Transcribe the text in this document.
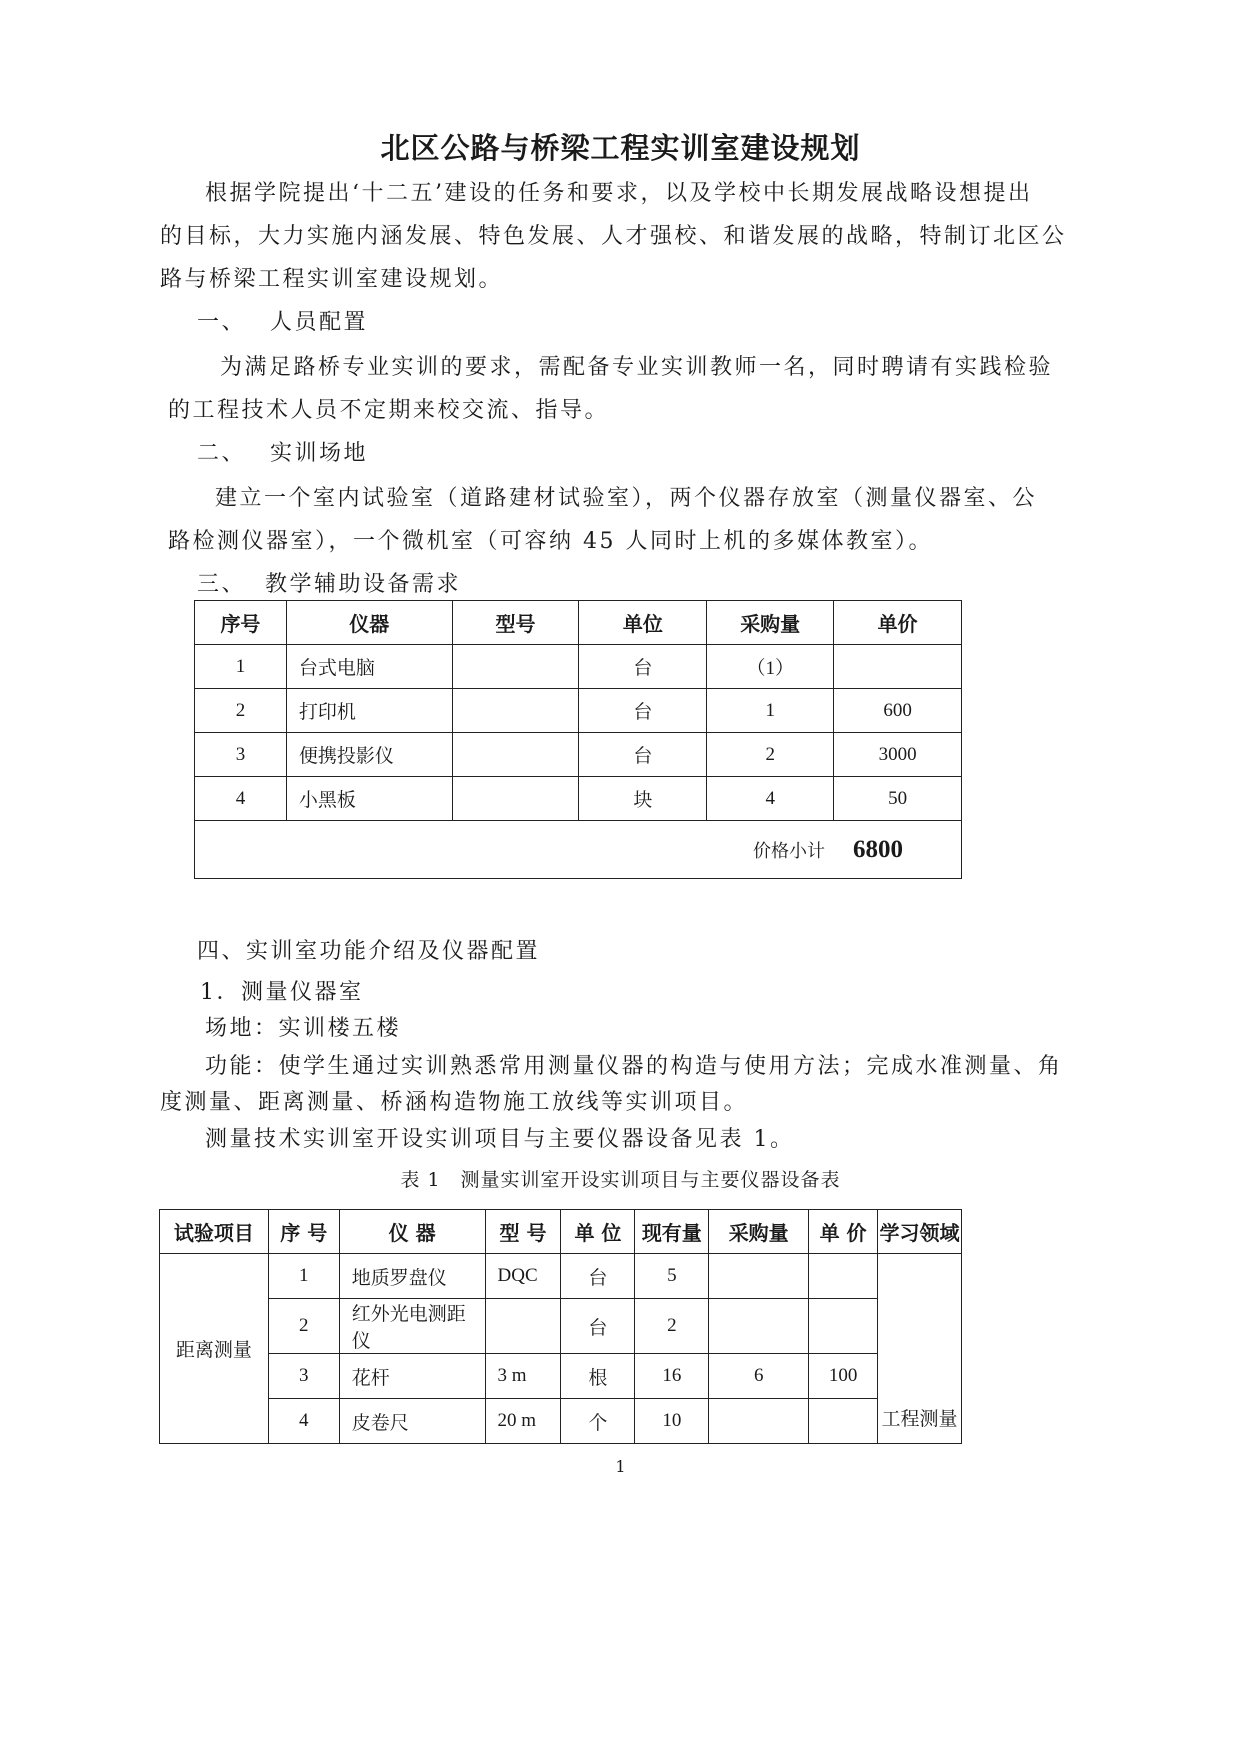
北区公路与桥梁工程实训室建设规划
根据学院提出‘十二五’建设的任务和要求，以及学校中长期发展战略设想提出
的目标，大力实施内涵发展、特色发展、人才强校、和谐发展的战略，特制订北区公
路与桥梁工程实训室建设规划。
一、 人员配置
为满足路桥专业实训的要求，需配备专业实训教师一名，同时聘请有实践检验
的工程技术人员不定期来校交流、指导。
二、 实训场地
建立一个室内试验室（道路建材试验室），两个仪器存放室（测量仪器室、公
路检测仪器室），一个微机室（可容纳 45 人同时上机的多媒体教室）。
三、 教学辅助设备需求
序号	仪器	型号	单位	采购量	单价
1	台式电脑		台	（1）	
2	打印机		台	1	600
3	便携投影仪		台	2	3000
4	小黑板		块	4	50
价格小计 6800					
四、实训室功能介绍及仪器配置
1．测量仪器室
场地：实训楼五楼
功能：使学生通过实训熟悉常用测量仪器的构造与使用方法；完成水准测量、角
度测量、距离测量、桥涵构造物施工放线等实训项目。
测量技术实训室开设实训项目与主要仪器设备见表 1。
表 1　测量实训室开设实训项目与主要仪器设备表
试验项目	序 号	仪 器	型 号	单 位	现有量	采购量	单 价	学习领域
距离测量	1	地质罗盘仪	DQC	台	5			工程测量
	2	红外光电测距仪		台	2			
	3	花杆	3 m	根	16	6	100	
	4	皮卷尺	20 m	个	10			
1
